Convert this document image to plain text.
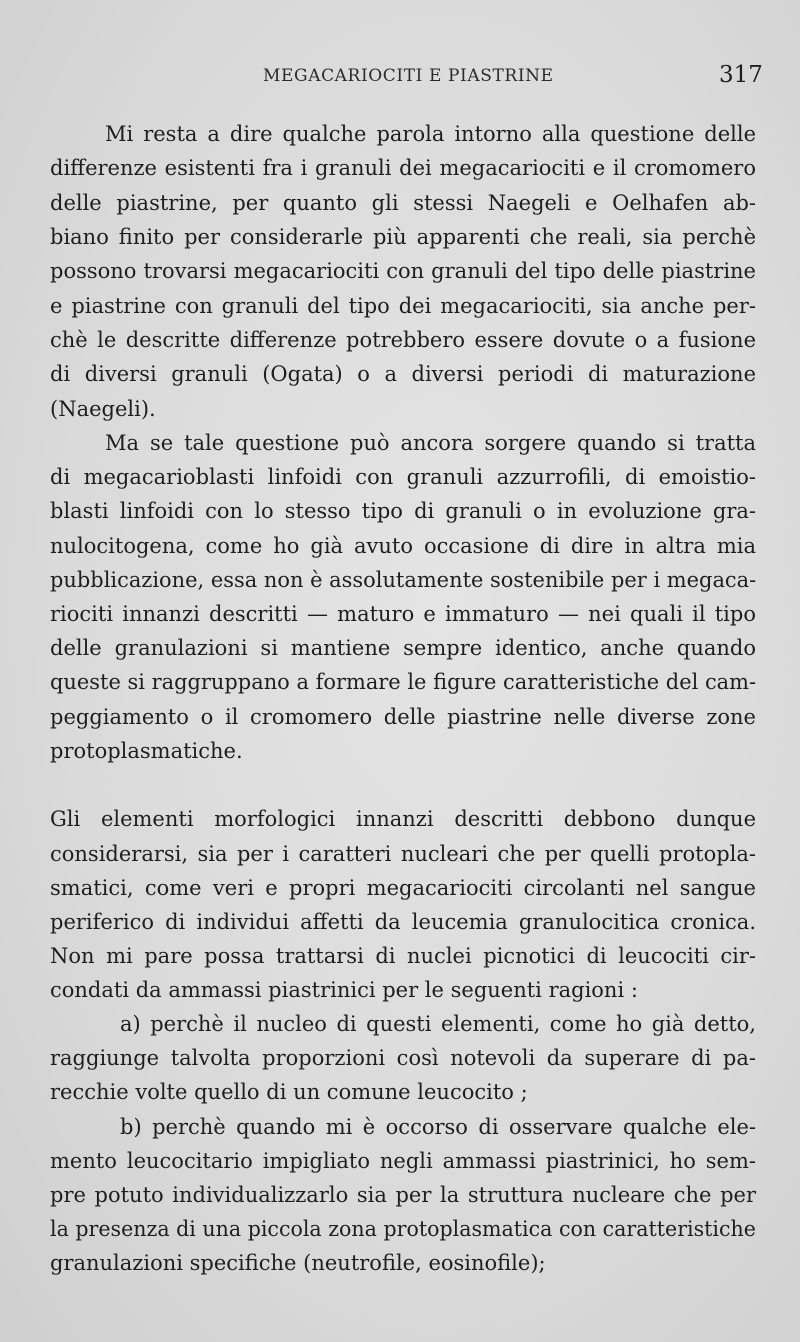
MEGACARIOCITI E PIASTRINE	317
Mi resta a dire qualche parola intorno alla questione delle
differenze esistenti fra i granuli dei megacariociti e il cromomero
delle piastrine, per quanto gli stessi Naegeli e Oelhafen ab-
biano finito per considerarle più apparenti che reali, sia perchè
possono trovarsi megacariociti con granuli del tipo delle piastrine
e piastrine con granuli del tipo dei megacariociti, sia anche per-
chè le descritte differenze potrebbero essere dovute o a fusione
di diversi granuli (Ogata) o a diversi periodi di maturazione
(Naegeli).
Ma se tale questione può ancora sorgere quando si tratta
di megacarioblasti linfoidi con granuli azzurrofili, di emoistio-
blasti linfoidi con lo stesso tipo di granuli o in evoluzione gra-
nulocitogena, come ho già avuto occasione di dire in altra mia
pubblicazione, essa non è assolutamente sostenibile per i megaca-
riociti innanzi descritti — maturo e immaturo — nei quali il tipo
delle granulazioni si mantiene sempre identico, anche quando
queste si raggruppano a formare le figure caratteristiche del cam-
peggiamento o il cromomero delle piastrine nelle diverse zone
protoplasmatiche.
Gli elementi morfologici innanzi descritti debbono dunque
considerarsi, sia per i caratteri nucleari che per quelli protopla-
smatici, come veri e propri megacariociti circolanti nel sangue
periferico di individui affetti da leucemia granulocitica cronica.
Non mi pare possa trattarsi di nuclei picnotici di leucociti cir-
condati da ammassi piastrinici per le seguenti ragioni :
a) perchè il nucleo di questi elementi, come ho già detto,
raggiunge talvolta proporzioni così notevoli da superare di pa-
recchie volte quello di un comune leucocito ;
b) perchè quando mi è occorso di osservare qualche ele-
mento leucocitario impigliato negli ammassi piastrinici, ho sem-
pre potuto individualizzarlo sia per la struttura nucleare che per
la presenza di una piccola zona protoplasmatica con caratteristiche
granulazioni specifiche (neutrofile, eosinofile);
